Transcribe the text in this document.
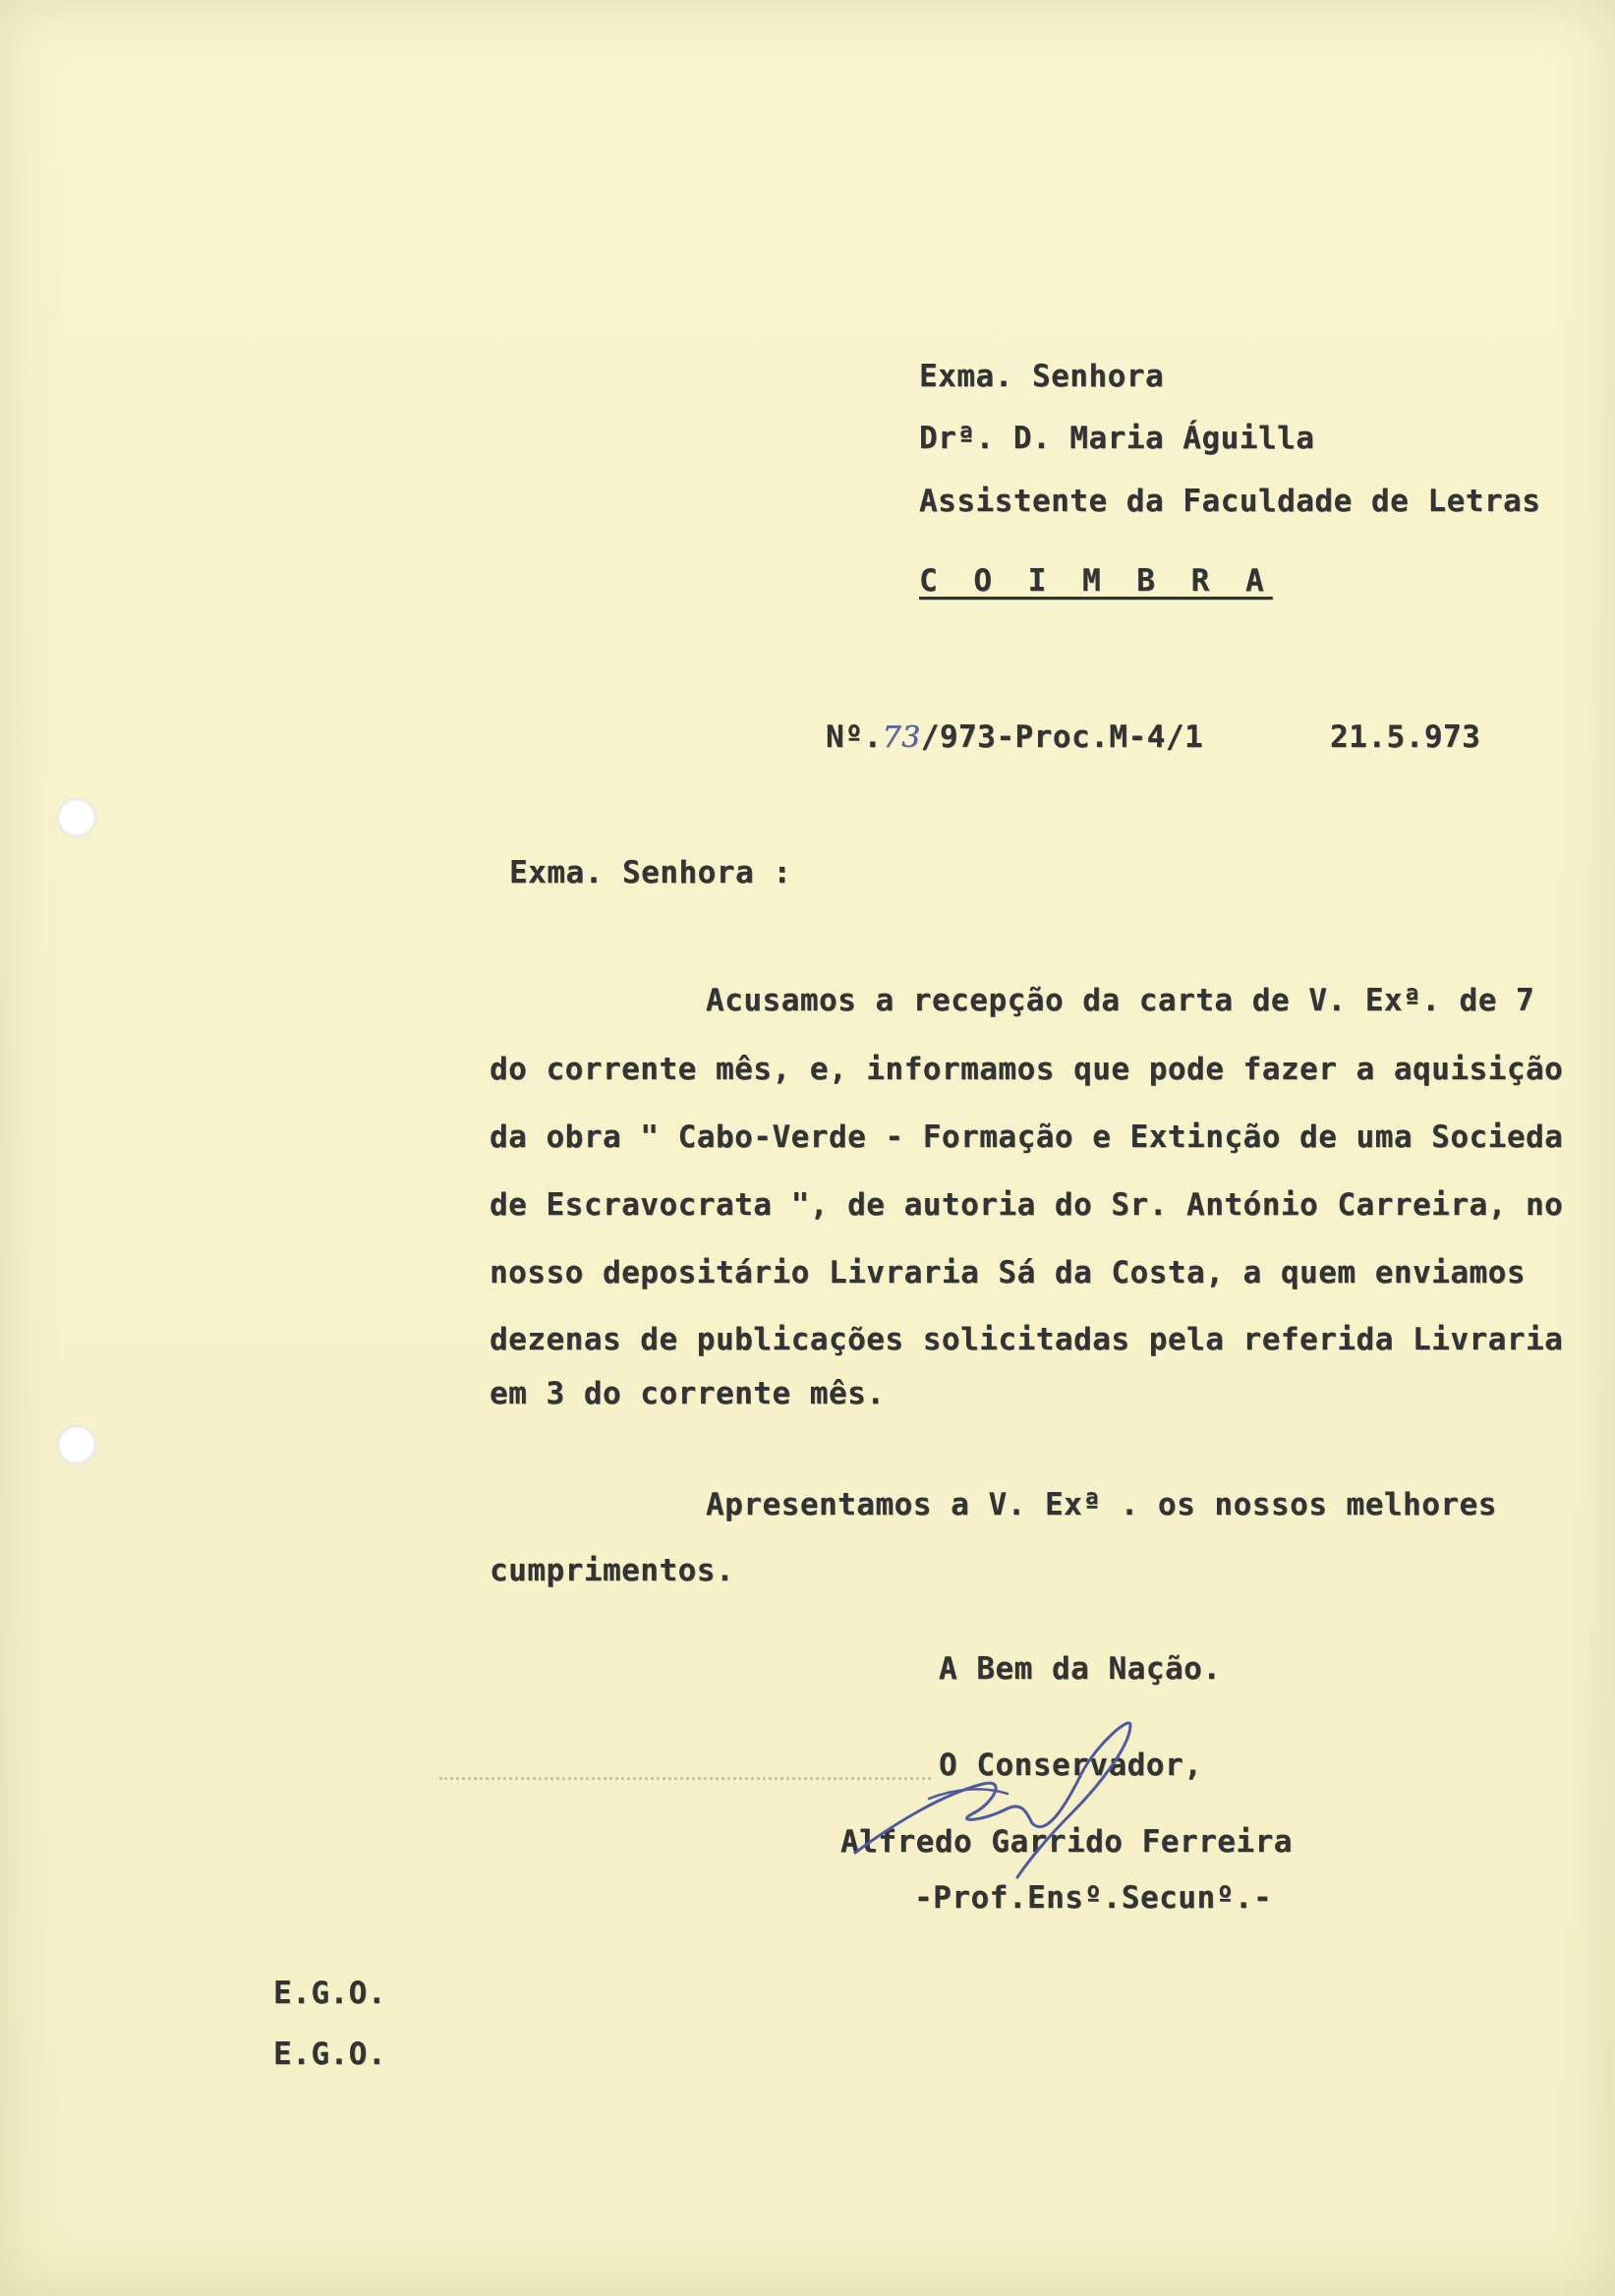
Exma. Senhora
Drª. D. Maria Águilla
Assistente da Faculdade de Letras
C O I M B R A
Nº.73/973-Proc.M-4/1	21.5.973
Exma. Senhora :
Acusamos a recepção da carta de V. Exª. de 7
do corrente mês, e, informamos que pode fazer a aquisição
da obra " Cabo-Verde - Formação e Extinção de uma Socieda
de Escravocrata ", de autoria do Sr. António Carreira, no
nosso depositário Livraria Sá da Costa, a quem enviamos
dezenas de publicações solicitadas pela referida Livraria
em 3 do corrente mês.
Apresentamos a V. Exª . os nossos melhores
cumprimentos.
A Bem da Nação.
O Conservador,
Alfredo Garrido Ferreira
-Prof.Ensº.Secunº.-
E.G.O.
E.G.O.
